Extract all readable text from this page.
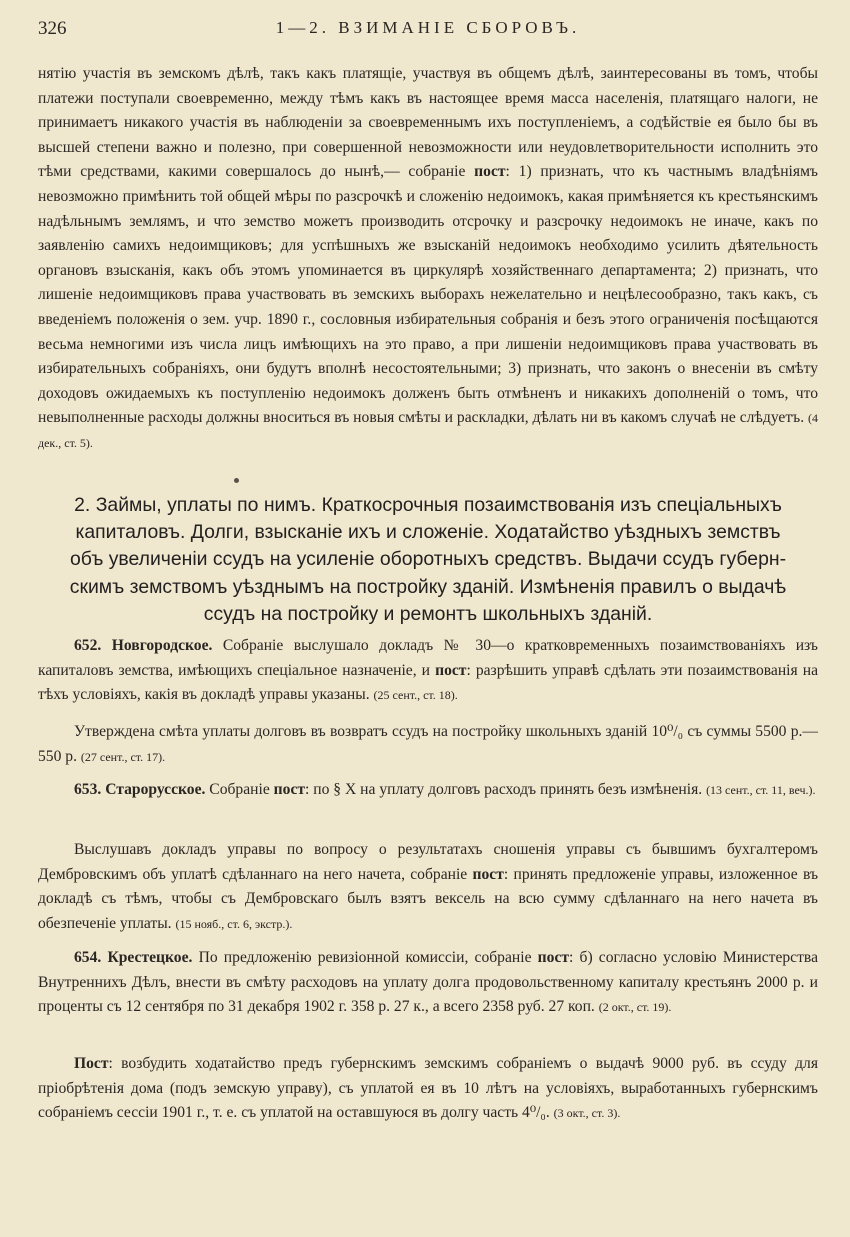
326	1—2. ВЗИМАНІЕ СБОРОВЪ.

нятію участія въ земскомъ дѣлѣ, такъ какъ платящіе, участвуя въ общемъ дѣлѣ, заинтересованы въ томъ, чтобы платежи поступали своевременно, между тѣмъ какъ въ настоящее время масса населенія, платящаго налоги, не принимаетъ никакого участія въ наблюденіи за своевременнымъ ихъ поступленіемъ, а содѣйствіе ея было бы въ высшей степени важно и полезно, при совершенной невозможности или неудовлетворительности исполнить это тѣми средствами, какими совершалось до нынѣ,— собраніе пост: 1) признать, что къ частнымъ владѣніямъ невозможно примѣнить той общей мѣры по разсрочкѣ и сложенію недоимокъ, какая примѣняется къ крестьянскимъ надѣльнымъ землямъ, и что земство можетъ производить отсрочку и разсрочку недоимокъ не иначе, какъ по заявленію самихъ недоимщиковъ; для успѣшныхъ же взысканій недоимокъ необходимо усилить дѣятельность органовъ взысканія, какъ объ этомъ упоминается въ циркулярѣ хозяйственнаго департамента; 2) признать, что лишеніе недоимщиковъ права участвовать въ земскихъ выборахъ нежелательно и нецѣлесообразно, такъ какъ, съ введеніемъ положенія о зем. учр. 1890 г., сословныя избирательныя собранія и безъ этого ограниченія посѣщаются весьма немногими изъ числа лицъ имѣющихъ на это право, а при лишеніи недоимщиковъ права участвовать въ избирательныхъ собраніяхъ, они будутъ вполнѣ несостоятельными; 3) признать, что законъ о внесеніи въ смѣту доходовъ ожидаемыхъ къ поступленію недоимокъ долженъ быть отмѣненъ и никакихъ дополненій о томъ, что невыполненные расходы должны вноситься въ новыя смѣты и раскладки, дѣлать ни въ какомъ случаѣ не слѣдуетъ. (4 дек., ст. 5).

2. Займы, уплаты по нимъ. Краткосрочныя позаимствованія изъ спеціальныхъ
капиталовъ. Долги, взысканіе ихъ и сложеніе. Ходатайство уѣздныхъ земствъ
объ увеличеніи ссудъ на усиленіе оборотныхъ средствъ. Выдачи ссудъ губерн-
скимъ земствомъ уѣзднымъ на постройку зданій. Измѣненія правилъ о выдачѣ
ссудъ на постройку и ремонтъ школьныхъ зданій.

652. Новгородское. Собраніе выслушало докладъ № 30—о кратковременныхъ позаимствованіяхъ изъ капиталовъ земства, имѣющихъ спеціальное назначеніе, и пост: разрѣшить управѣ сдѣлать эти позаимствованія на тѣхъ условіяхъ, какія въ докладѣ управы указаны. (25 сент., ст. 18).

Утверждена смѣта уплаты долговъ въ возвратъ ссудъ на постройку школьныхъ зданій 10⁰/₀ съ суммы 5500 р.—550 р. (27 сент., ст. 17).

653. Старорусское. Собраніе пост: по § X на уплату долговъ расходъ принять безъ измѣненія. (13 сент., ст. 11, веч.).

Выслушавъ докладъ управы по вопросу о результатахъ сношенія управы съ бывшимъ бухгалтеромъ Дембровскимъ объ уплатѣ сдѣланнаго на него начета, собраніе пост: принять предложеніе управы, изложенное въ докладѣ съ тѣмъ, чтобы съ Дембровскаго былъ взятъ вексель на всю сумму сдѣланнаго на него начета въ обезпеченіе уплаты. (15 нояб., ст. 6, экстр.).

654. Крестецкое. По предложенію ревизіонной комиссіи, собраніе пост: б) согласно условію Министерства Внутреннихъ Дѣлъ, внести въ смѣту расходовъ на уплату долга продовольственному капиталу крестьянъ 2000 р. и проценты съ 12 сентября по 31 декабря 1902 г. 358 р. 27 к., а всего 2358 руб. 27 коп. (2 окт., ст. 19).

Пост: возбудить ходатайство предъ губернскимъ земскимъ собраніемъ о выдачѣ 9000 руб. въ ссуду для пріобрѣтенія дома (подъ земскую управу), съ уплатой ея въ 10 лѣтъ на условіяхъ, выработанныхъ губернскимъ собраніемъ сессіи 1901 г., т. е. съ уплатой на оставшуюся въ долгу часть 4⁰/₀. (3 окт., ст. 3).
